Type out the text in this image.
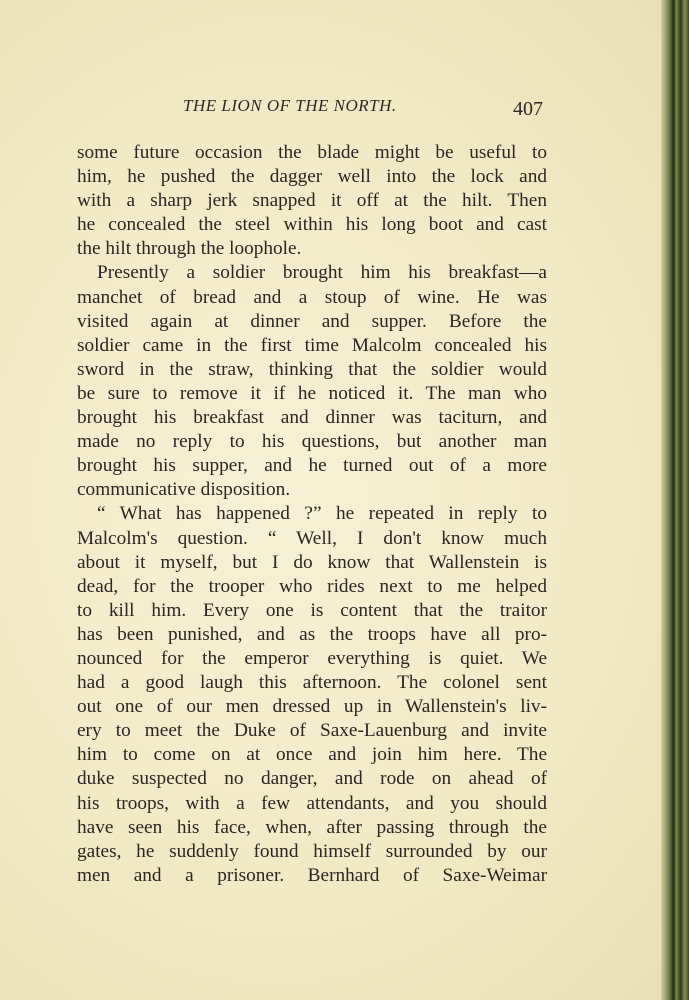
THE LION OF THE NORTH.	407
some future occasion the blade might be useful to
him, he pushed the dagger well into the lock and
with a sharp jerk snapped it off at the hilt. Then
he concealed the steel within his long boot and cast
the hilt through the loophole.
Presently a soldier brought him his breakfast—a
manchet of bread and a stoup of wine. He was
visited again at dinner and supper. Before the
soldier came in the first time Malcolm concealed his
sword in the straw, thinking that the soldier would
be sure to remove it if he noticed it. The man who
brought his breakfast and dinner was taciturn, and
made no reply to his questions, but another man
brought his supper, and he turned out of a more
communicative disposition.
“ What has happened ?” he repeated in reply to
Malcolm's question. “ Well, I don't know much
about it myself, but I do know that Wallenstein is
dead, for the trooper who rides next to me helped
to kill him. Every one is content that the traitor
has been punished, and as the troops have all pro-
nounced for the emperor everything is quiet. We
had a good laugh this afternoon. The colonel sent
out one of our men dressed up in Wallenstein's liv-
ery to meet the Duke of Saxe-Lauenburg and invite
him to come on at once and join him here. The
duke suspected no danger, and rode on ahead of
his troops, with a few attendants, and you should
have seen his face, when, after passing through the
gates, he suddenly found himself surrounded by our
men and a prisoner. Bernhard of Saxe-Weimar
